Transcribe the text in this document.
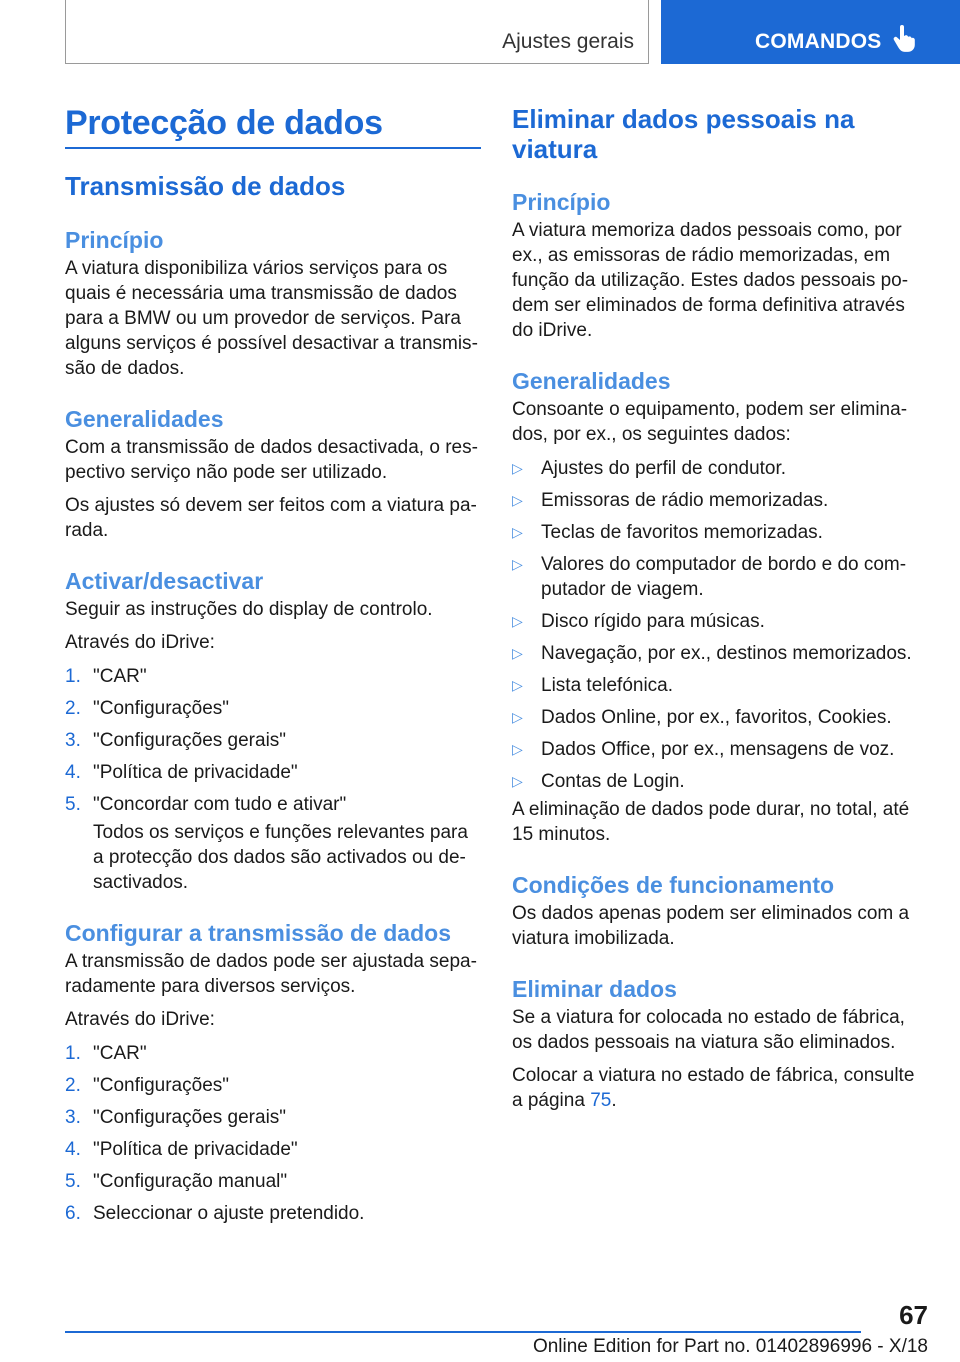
Ajustes gerais	COMANDOS
Protecção de dados
Transmissão de dados
Princípio

A viatura disponibiliza vários serviços para os quais é necessária uma transmissão de dados para a BMW ou um provedor de serviços. Para alguns serviços é possível desactivar a transmissão de dados.

Generalidades

Com a transmissão de dados desactivada, o respectivo serviço não pode ser utilizado.

Os ajustes só devem ser feitos com a viatura parada.

Activar/desactivar

Seguir as instruções do display de controlo.

Através do iDrive:

1. "CAR"
2. "Configurações"
3. "Configurações gerais"
4. "Política de privacidade"
5. "Concordar com tudo e ativar"

Todos os serviços e funções relevantes para a protecção dos dados são activados ou desactivados.

Configurar a transmissão de dados

A transmissão de dados pode ser ajustada separadamente para diversos serviços.

Através do iDrive:

1. "CAR"
2. "Configurações"
3. "Configurações gerais"
4. "Política de privacidade"
5. "Configuração manual"
6. Seleccionar o ajuste pretendido.
Eliminar dados pessoais na viatura
Princípio

A viatura memoriza dados pessoais como, por ex., as emissoras de rádio memorizadas, em função da utilização. Estes dados pessoais podem ser eliminados de forma definitiva através do iDrive.

Generalidades

Consoante o equipamento, podem ser eliminados, por ex., os seguintes dados:

▷ Ajustes do perfil de condutor.
▷ Emissoras de rádio memorizadas.
▷ Teclas de favoritos memorizadas.
▷ Valores do computador de bordo e do computador de viagem.
▷ Disco rígido para músicas.
▷ Navegação, por ex., destinos memorizados.
▷ Lista telefónica.
▷ Dados Online, por ex., favoritos, Cookies.
▷ Dados Office, por ex., mensagens de voz.
▷ Contas de Login.

A eliminação de dados pode durar, no total, até 15 minutos.

Condições de funcionamento

Os dados apenas podem ser eliminados com a viatura imobilizada.

Eliminar dados

Se a viatura for colocada no estado de fábrica, os dados pessoais na viatura são eliminados.

Colocar a viatura no estado de fábrica, consulte a página 75.

67
Online Edition for Part no. 01402896996 - X/18
